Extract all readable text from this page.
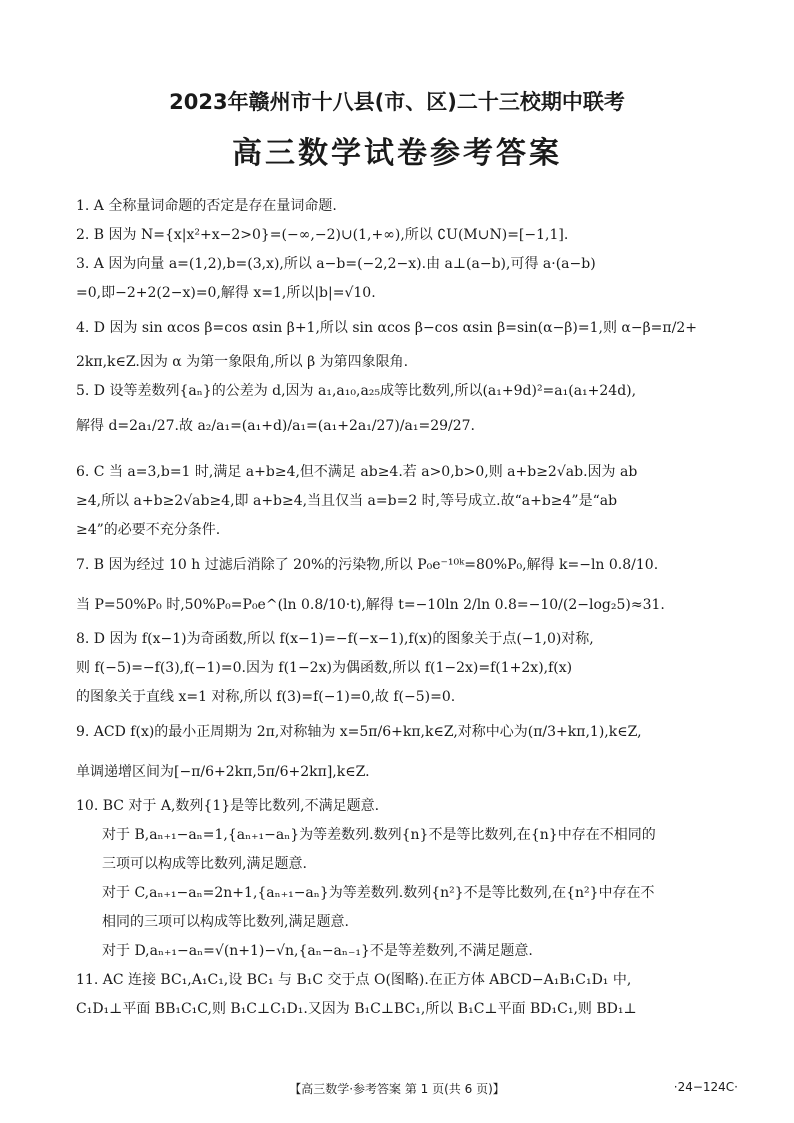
2023年赣州市十八县(市、区)二十三校期中联考
高三数学试卷参考答案
1. A 全称量词命题的否定是存在量词命题.
2. B 因为 N={x|x²+x−2>0}=(−∞,−2)∪(1,+∞),所以 ∁U(M∪N)=[−1,1].
3. A 因为向量 a=(1,2),b=(3,x),所以 a−b=(−2,2−x).由 a⊥(a−b),可得 a·(a−b)
=0,即−2+2(2−x)=0,解得 x=1,所以|b|=√10.
4. D 因为 sin αcos β=cos αsin β+1,所以 sin αcos β−cos αsin β=sin(α−β)=1,则 α−β=π/2+
2kπ,k∈Z.因为 α 为第一象限角,所以 β 为第四象限角.
5. D 设等差数列{aₙ}的公差为 d,因为 a₁,a₁₀,a₂₅成等比数列,所以(a₁+9d)²=a₁(a₁+24d),
解得 d=2a₁/27.故 a₂/a₁=(a₁+d)/a₁=(a₁+2a₁/27)/a₁=29/27.
6. C 当 a=3,b=1 时,满足 a+b≥4,但不满足 ab≥4.若 a>0,b>0,则 a+b≥2√ab.因为 ab
≥4,所以 a+b≥2√ab≥4,即 a+b≥4,当且仅当 a=b=2 时,等号成立.故“a+b≥4”是“ab
≥4”的必要不充分条件.
7. B 因为经过 10 h 过滤后消除了 20%的污染物,所以 P₀e⁻¹⁰ᵏ=80%P₀,解得 k=−ln 0.8/10.
当 P=50%P₀ 时,50%P₀=P₀e^(ln 0.8/10·t),解得 t=−10ln 2/ln 0.8=−10/(2−log₂5)≈31.
8. D 因为 f(x−1)为奇函数,所以 f(x−1)=−f(−x−1),f(x)的图象关于点(−1,0)对称,
则 f(−5)=−f(3),f(−1)=0.因为 f(1−2x)为偶函数,所以 f(1−2x)=f(1+2x),f(x)
的图象关于直线 x=1 对称,所以 f(3)=f(−1)=0,故 f(−5)=0.
9. ACD f(x)的最小正周期为 2π,对称轴为 x=5π/6+kπ,k∈Z,对称中心为(π/3+kπ,1),k∈Z,
单调递增区间为[−π/6+2kπ,5π/6+2kπ],k∈Z.
10. BC 对于 A,数列{1}是等比数列,不满足题意.
对于 B,aₙ₊₁−aₙ=1,{aₙ₊₁−aₙ}为等差数列.数列{n}不是等比数列,在{n}中存在不相同的
三项可以构成等比数列,满足题意.
对于 C,aₙ₊₁−aₙ=2n+1,{aₙ₊₁−aₙ}为等差数列.数列{n²}不是等比数列,在{n²}中存在不
相同的三项可以构成等比数列,满足题意.
对于 D,aₙ₊₁−aₙ=√(n+1)−√n,{aₙ−aₙ₋₁}不是等差数列,不满足题意.
11. AC 连接 BC₁,A₁C₁,设 BC₁ 与 B₁C 交于点 O(图略).在正方体 ABCD−A₁B₁C₁D₁ 中,
C₁D₁⊥平面 BB₁C₁C,则 B₁C⊥C₁D₁.又因为 B₁C⊥BC₁,所以 B₁C⊥平面 BD₁C₁,则 BD₁⊥
【高三数学·参考答案 第 1 页(共 6 页)】	·24−124C·
